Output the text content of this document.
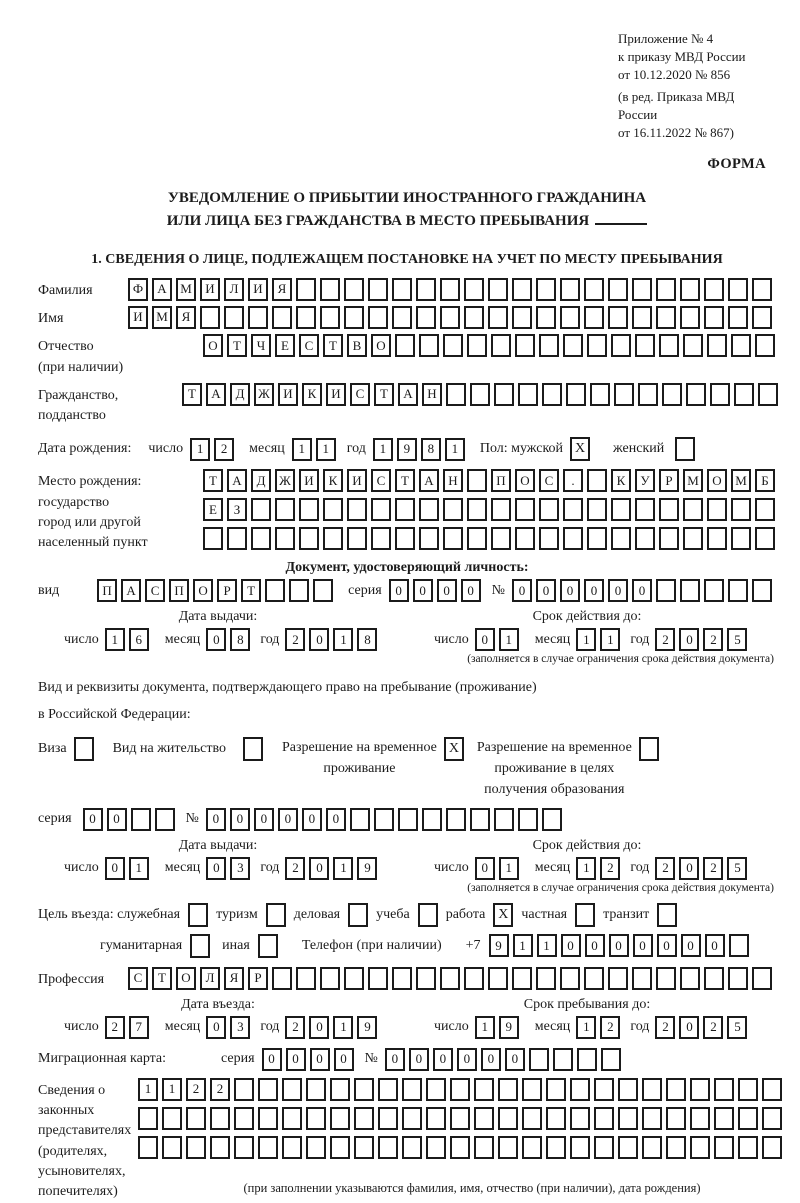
Приложение № 4
к приказу МВД России
от 10.12.2020 № 856
(в ред. Приказа МВД России
от 16.11.2022 № 867)
ФОРМА
УВЕДОМЛЕНИЕ О ПРИБЫТИИ ИНОСТРАННОГО ГРАЖДАНИНА
ИЛИ ЛИЦА БЕЗ ГРАЖДАНСТВА В МЕСТО ПРЕБЫВАНИЯ
1. СВЕДЕНИЯ О ЛИЦЕ, ПОДЛЕЖАЩЕМ ПОСТАНОВКЕ НА УЧЕТ ПО МЕСТУ ПРЕБЫВАНИЯ
Фамилия	Ф	А	М	И	Л	И	Я
Имя	И	М	Я
Отчество
(при наличии)
О	Т	Ч	Е	С	Т	В	О
Гражданство,
подданство
Т	А	Д	Ж	И	К	И	С	Т	А	Н
Дата рождения: число	1	2	месяц	1	1	год	1	9	8	1	Пол: мужской X	женский
Место рождения:
государство
город или другой
населенный пункт
Т	А	Д	Ж	И	К	И	С	Т	А	Н	П	О	С	.	К	У	Р	М	О	М	Б
Е	З
Документ, удостоверяющий личность:
вид	П	А	С	П	О	Р	Т	серия	0	0	0	0	№	0	0	0	0	0	0
Дата выдачи:	Срок действия до:
число 1	6	месяц 0	8	год 2	0	1	8	число 0	1	месяц 1	1	год 2	0	2	5
(заполняется в случае ограничения срока действия документа)
Вид и реквизиты документа, подтверждающего право на пребывание (проживание)
в Российской Федерации:
Виза	Вид на жительство	Разрешение на временное
проживание
X	Разрешение на временное
проживание в целях
получения образования
серия	0	0	№	0	0	0	0	0	0
Дата выдачи:	Срок действия до:
число 0	1	месяц 0	3	год 2	0	1	9	число 0	1	месяц 1	2	год 2	0	2	5
(заполняется в случае ограничения срока действия документа)
Цель въезда: служебная	туризм	деловая	учеба	работа X частная	транзит
гуманитарная	иная	Телефон (при наличии) +7	9	1	1	0	0	0	0	0	0	0
Профессия	С	Т	О	Л	Я	Р
Дата въезда:	Срок пребывания до:
число 2	7	месяц 0	3	год 2	0	1	9	число 1	9	месяц 1	2	год 2	0	2	5
Миграционная карта:	серия	0	0	0	0	№	0	0	0	0	0	0
Сведения о
законных
представителях
(родителях,
усыновителях,
попечителях)
1	1	2	2
(при заполнении указываются фамилия, имя, отчество (при наличии), дата рождения)
